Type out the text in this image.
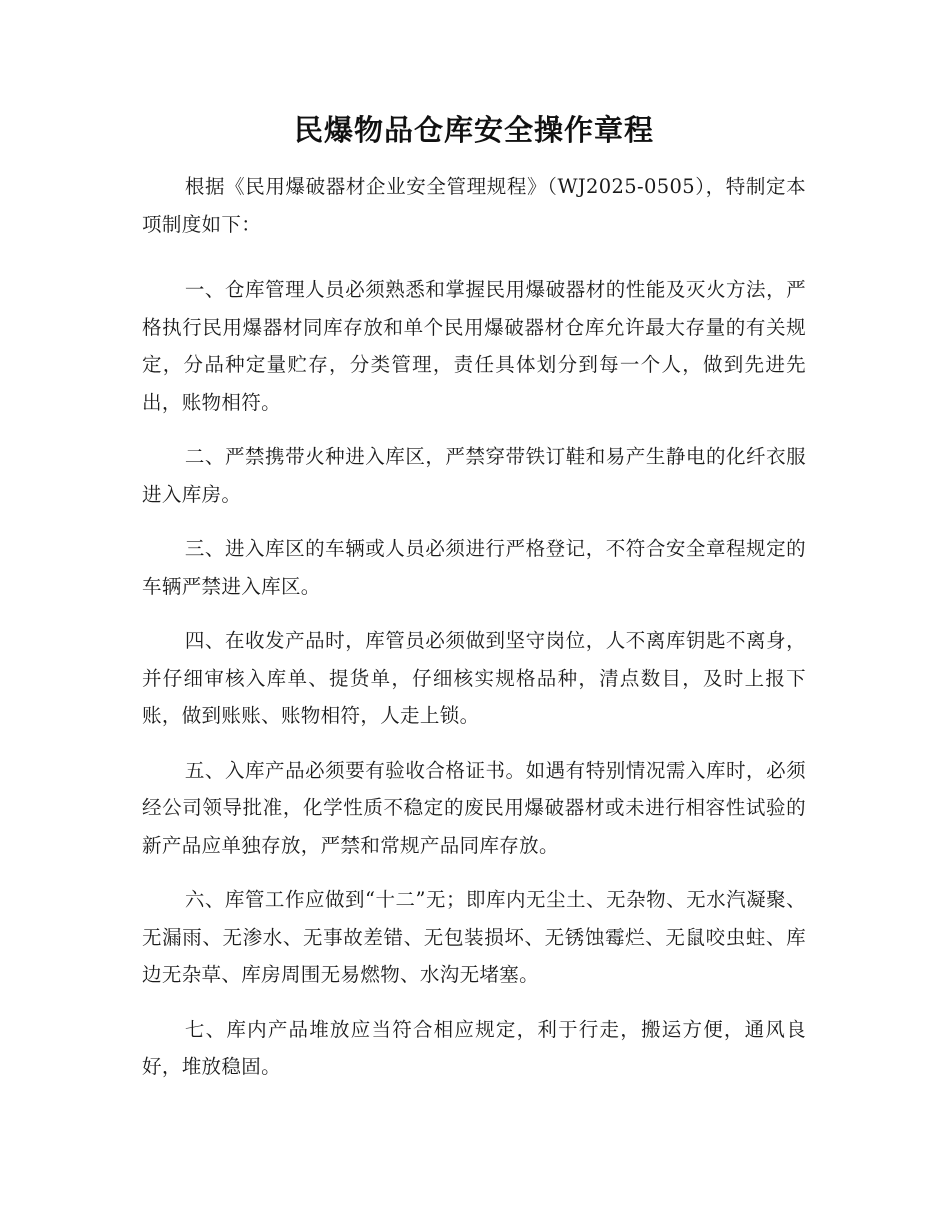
民爆物品仓库安全操作章程

根据《民用爆破器材企业安全管理规程》（WJ2025-0505），特制定本项制度如下：

一、仓库管理人员必须熟悉和掌握民用爆破器材的性能及灭火方法，严格执行民用爆器材同库存放和单个民用爆破器材仓库允许最大存量的有关规定，分品种定量贮存，分类管理，责任具体划分到每一个人，做到先进先出，账物相符。

二、严禁携带火种进入库区，严禁穿带铁订鞋和易产生静电的化纤衣服进入库房。

三、进入库区的车辆或人员必须进行严格登记，不符合安全章程规定的车辆严禁进入库区。

四、在收发产品时，库管员必须做到坚守岗位，人不离库钥匙不离身，并仔细审核入库单、提货单，仔细核实规格品种，清点数目，及时上报下账，做到账账、账物相符，人走上锁。

五、入库产品必须要有验收合格证书。如遇有特别情况需入库时，必须经公司领导批准，化学性质不稳定的废民用爆破器材或未进行相容性试验的新产品应单独存放，严禁和常规产品同库存放。

六、库管工作应做到“十二”无；即库内无尘土、无杂物、无水汽凝聚、无漏雨、无渗水、无事故差错、无包装损坏、无锈蚀霉烂、无鼠咬虫蛀、库边无杂草、库房周围无易燃物、水沟无堵塞。

七、库内产品堆放应当符合相应规定，利于行走，搬运方便，通风良好，堆放稳固。
